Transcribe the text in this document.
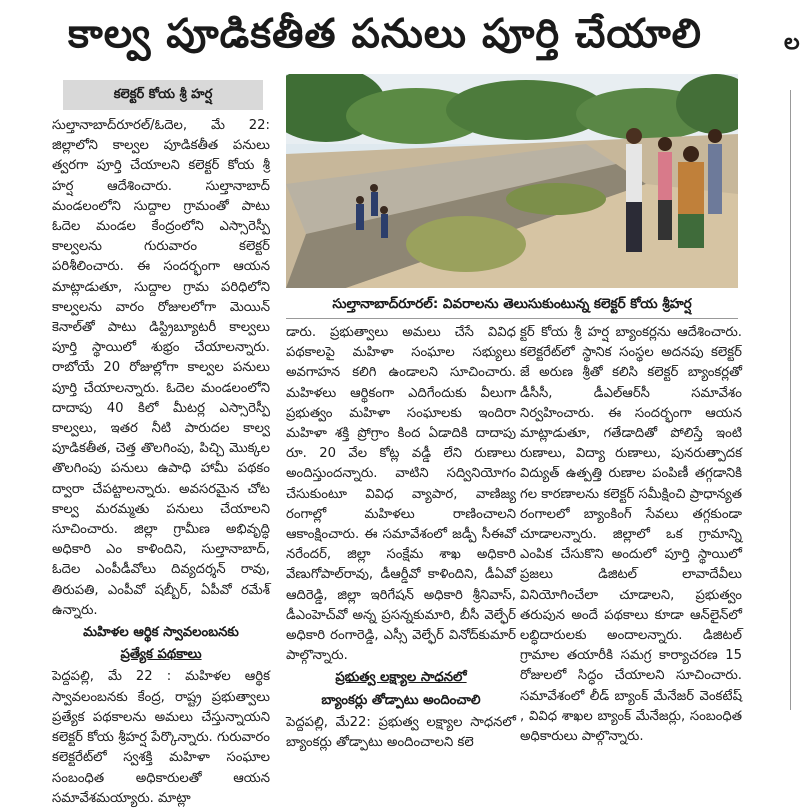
కాల్వ పూడికతీత పనులు పూర్తి చేయాలి	ల
కలెక్టర్ కోయ శ్రీ హర్ష

సుల్తానాబాద్‌రూరల్/ఓదెల, మే 22: జిల్లాలోని కాల్వల పూడికతీత పనులు త్వరగా పూర్తి చేయాలని కలెక్టర్ కోయ శ్రీ హర్ష ఆదేశించారు. సుల్తానాబాద్ మండలంలోని సుద్దాల గ్రామంతో పాటు ఓదెల మండల కేంద్రంలోని ఎస్సారెస్పీ కాల్వలను గురువారం కలెక్టర్ పరిశీలించారు. ఈ సందర్భంగా ఆయన మాట్లాడుతూ, సుద్దాల గ్రామ పరిధిలోని కాల్వలను వారం రోజులలోగా మెయిన్ కెనాల్‌తో పాటు డిస్ట్రిబ్యూటరీ కాల్వలు పూర్తి స్థాయిలో శుభ్రం చేయాలన్నారు. రాబోయే 20 రోజుల్లోగా కాల్వల పనులు పూర్తి చేయాలన్నారు. ఓదెల మండలంలోని దాదాపు 40 కిలో మీటర్ల ఎస్సారెస్పీ కాల్వలు, ఇతర నీటి పారుదల కాల్వ పూడికతీత, చెత్త తొలగింపు, పిచ్చి మొక్కల తొలగింపు పనులు ఉపాధి హామీ పథకం ద్వారా చేపట్టాలన్నారు. అవసరమైన చోట కాల్వ మరమ్మతు పనులు చేయాలని సూచించారు. జిల్లా గ్రామీణ అభివృద్ధి అధికారి ఎం కాళిందిని, సుల్తానాబాద్, ఓదెల ఎంపీడీవోలు దివ్యదర్శన్ రావు, తిరుపతి, ఎంపీవో షబ్బీర్, ఏపీవో రమేశ్ ఉన్నారు.

మహిళల ఆర్థిక స్వావలంబనకు

ప్రత్యేక పథకాలు

పెద్దపల్లి, మే 22 : మహిళల ఆర్థిక స్వావలంబనకు కేంద్ర, రాష్ట్ర ప్రభుత్వాలు ప్రత్యేక పథకాలను అమలు చేస్తున్నాయని కలెక్టర్ కోయ శ్రీహర్ష పేర్కొన్నారు. గురువారం కలెక్టరేట్‌లో స్వశక్తి మహిళా సంఘాల సంబంధిత అధికారులతో ఆయన సమావేశమయ్యారు. మాట్లా

సుల్తానాబాద్‌రూరల్: వివరాలను తెలుసుకుంటున్న కలెక్టర్ కోయ శ్రీహర్ష

డారు. ప్రభుత్వాలు అమలు చేసే వివిధ పథకాలపై మహిళా సంఘాల సభ్యులు అవగాహన కలిగి ఉండాలని సూచించారు. మహిళలు ఆర్థికంగా ఎదిగేందుకు వీలుగా ప్రభుత్వం మహిళా సంఘాలకు ఇందిరా మహిళా శక్తి ప్రోగ్రాం కింద ఏడాదికి దాదాపు రూ. 20 వేల కోట్ల వడ్డీ లేని రుణాలు అందిస్తుందన్నారు. వాటిని సద్వినియోగం చేసుకుంటూ వివిధ వ్యాపార, వాణిజ్య రంగాల్లో మహిళలు రాణించాలని ఆకాంక్షించారు. ఈ సమావేశంలో జడ్పీ సీఈవో నరేందర్, జిల్లా సంక్షేమ శాఖ అధికారి వేణుగోపాల్‌రావు, డీఆర్డీవో కాళిందిని, డీఏవో ఆదిరెడ్డి, జిల్లా ఇరిగేషన్ అధికారి శ్రీనివాస్, డీఎంహెచ్‌వో అన్న ప్రసన్నకుమారి, బీసీ వెల్ఫేర్ అధికారి రంగారెడ్డి, ఎస్సీ వెల్ఫేర్ వినోద్‌కుమార్ పాల్గొన్నారు.

ప్రభుత్వ లక్ష్యాల సాధనలో

బ్యాంకర్లు తోడ్పాటు అందించాలి

పెద్దపల్లి, మే22: ప్రభుత్వ లక్ష్యాల సాధనలో బ్యాంకర్లు తోడ్పాటు అందించాలని కలె

క్టర్ కోయ శ్రీ హర్ష బ్యాంకర్లను ఆదేశించారు. కలెక్టరేట్‌లో స్థానిక సంస్థల అదనపు కలెక్టర్ జే అరుణ శ్రీతో కలిసి కలెక్టర్ బ్యాంకర్లతో డీసీసీ, డీఎల్‌ఆర్‌సీ సమావేశం నిర్వహించారు. ఈ సందర్భంగా ఆయన మాట్లాడుతూ, గతేడాదితో పోలిస్తే ఇంటి రుణాలు, విద్యా రుణాలు, పునరుత్పాదక విద్యుత్ ఉత్పత్తి రుణాల పంపిణీ తగ్గడానికి గల కారణాలను కలెక్టర్ సమీక్షించి ప్రాధాన్యత రంగాలలో బ్యాంకింగ్ సేవలు తగ్గకుండా చూడాలన్నారు. జిల్లాలో ఒక గ్రామాన్ని ఎంపిక చేసుకొని అందులో పూర్తి స్థాయిలో ప్రజలు డిజిటల్ లావాదేవీలు వినియోగించేలా చూడాలని, ప్రభుత్వం తరుపున అందే పథకాలు కూడా ఆన్‌లైన్‌లో లబ్ధిదారులకు అందాలన్నారు. డిజిటల్ గ్రామాల తయారీకి సమగ్ర కార్యాచరణ 15 రోజులలో సిద్ధం చేయాలని సూచించారు. సమావేశంలో లీడ్ బ్యాంక్ మేనేజర్ వెంకటేష్ , వివిధ శాఖల బ్యాంక్ మేనేజర్లు, సంబంధిత అధికారులు పాల్గొన్నారు.
